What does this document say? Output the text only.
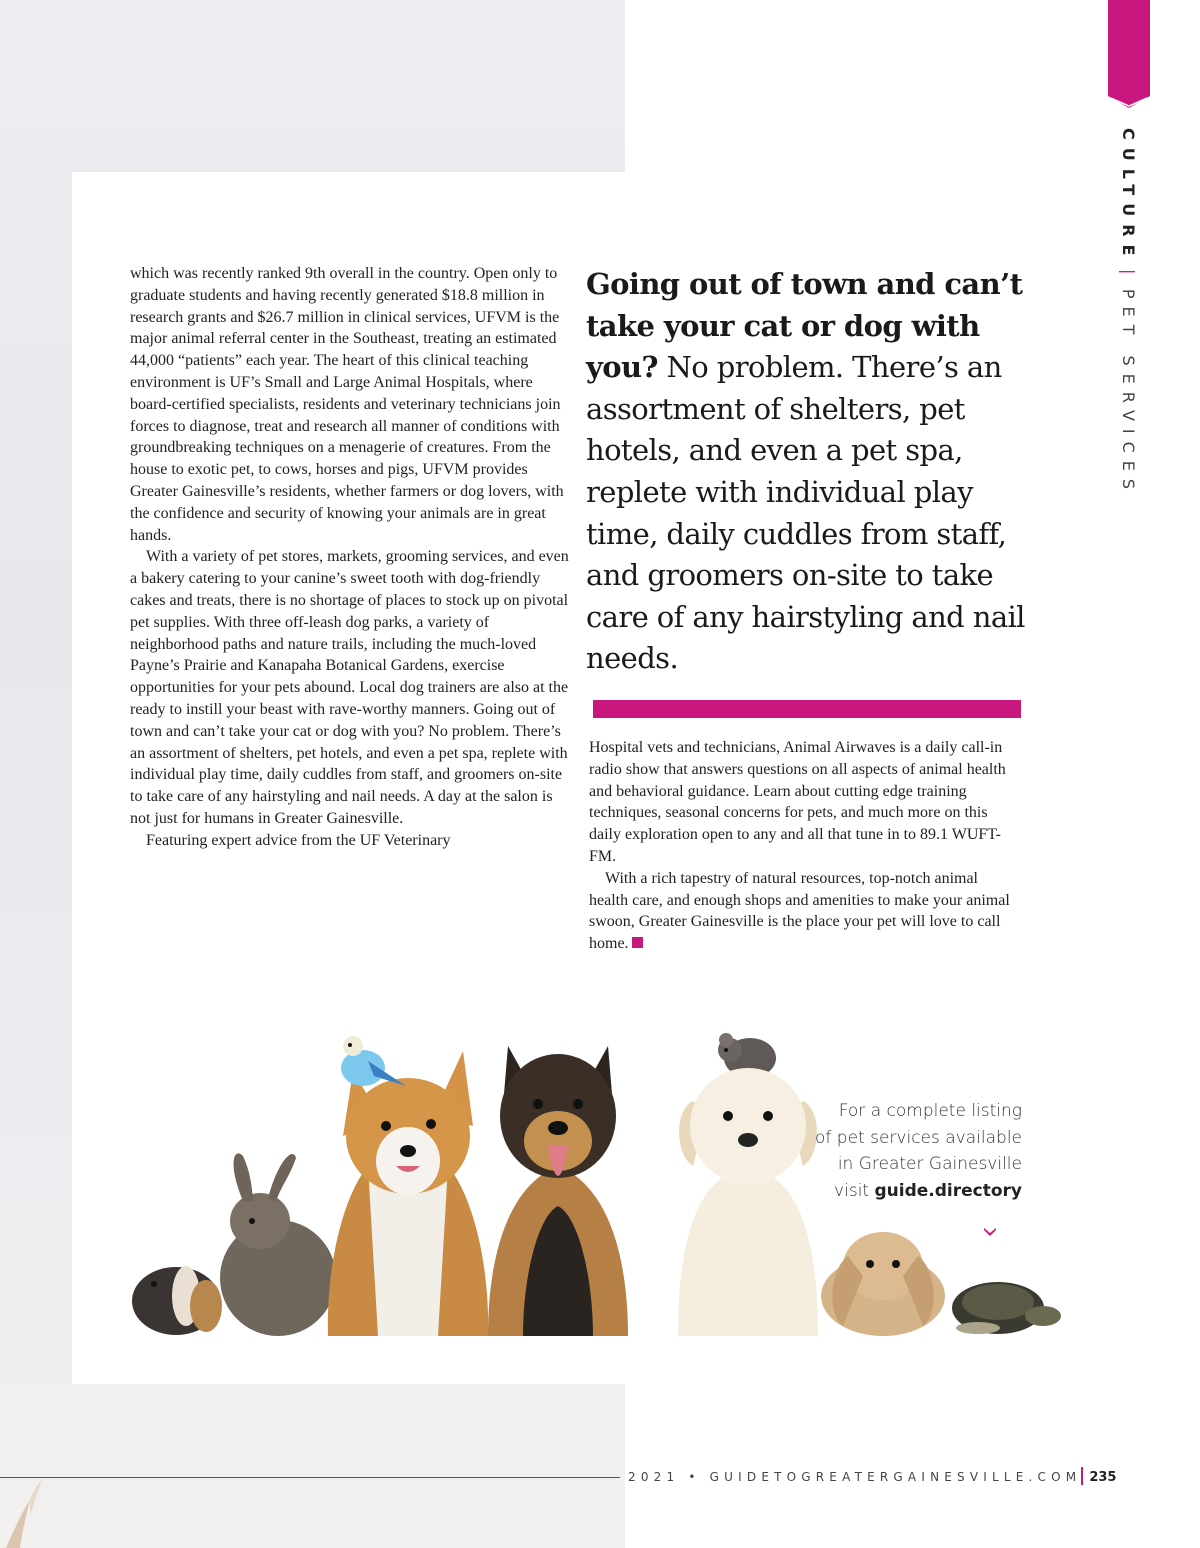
CULTURE|PET SERVICES

which was recently ranked 9th overall in the country. Open only to graduate students and having recently generated $18.8 million in research grants and $26.7 million in clinical services, UFVM is the major animal referral center in the Southeast, treating an estimated 44,000 “patients” each year. The heart of this clinical teaching environment is UF’s Small and Large Animal Hospitals, where board-certified specialists, residents and veterinary technicians join forces to diagnose, treat and research all manner of conditions with groundbreaking techniques on a menagerie of creatures. From the house to exotic pet, to cows, horses and pigs, UFVM provides Greater Gainesville’s residents, whether farmers or dog lovers, with the confidence and security of knowing your animals are in great hands.

With a variety of pet stores, markets, grooming services, and even a bakery catering to your canine’s sweet tooth with dog-friendly cakes and treats, there is no shortage of places to stock up on pivotal pet supplies. With three off-leash dog parks, a variety of neighborhood paths and nature trails, including the much-loved Payne’s Prairie and Kanapaha Botanical Gardens, exercise opportunities for your pets abound. Local dog trainers are also at the ready to instill your beast with rave-worthy manners. Going out of town and can’t take your cat or dog with you? No problem. There’s an assortment of shelters, pet hotels, and even a pet spa, replete with individual play time, daily cuddles from staff, and groomers on-site to take care of any hairstyling and nail needs. A day at the salon is not just for humans in Greater Gainesville.

Featuring expert advice from the UF Veterinary

Going out of town and can’t take your cat or dog with you? No problem. There’s an assortment of shelters, pet hotels, and even a pet spa, replete with individual play time, daily cuddles from staff, and groomers on-site to take care of any hairstyling and nail needs.

Hospital vets and technicians, Animal Airwaves is a daily call-in radio show that answers questions on all aspects of animal health and behavioral guidance. Learn about cutting edge training techniques, seasonal concerns for pets, and much more on this daily exploration open to any and all that tune in to 89.1 WUFT-FM.

With a rich tapestry of natural resources, top-notch animal health care, and enough shops and amenities to make your animal swoon, Greater Gainesville is the place your pet will love to call home.

For a complete listing
of pet services available
in Greater Gainesville
visit guide.directory
2021 • GUIDETOGREATERGAINESVILLE.COM 235
